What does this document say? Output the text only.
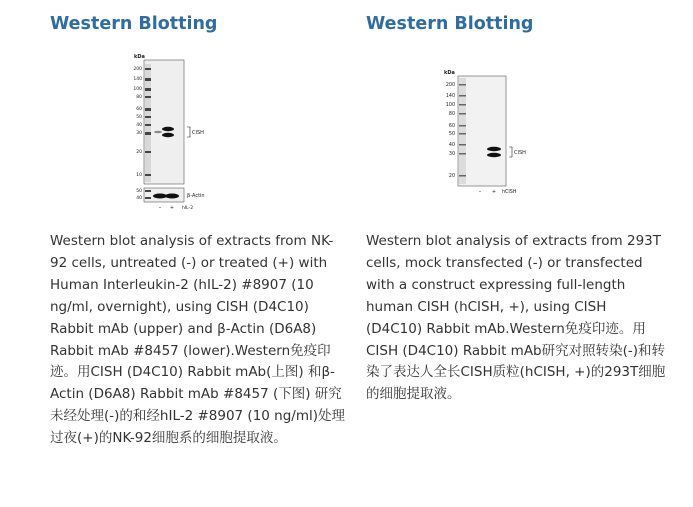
Western Blotting
kDa
200
140
100
80
60
50
40
30
20
10
CISH
50
40	β-Actin
– + hIL-2

Western blot analysis of extracts from NK-92 cells, untreated (-) or treated (+) with Human Interleukin-2 (hIL-2) #8907 (10 ng/ml, overnight), using CISH (D4C10) Rabbit mAb (upper) and β-Actin (D6A8) Rabbit mAb #8457 (lower).Western免疫印迹。用CISH (D4C10) Rabbit mAb(上图) 和β-Actin (D6A8) Rabbit mAb #8457 (下图) 研究未经处理(-)的和经hIL-2 #8907 (10 ng/ml)处理过夜(+)的NK-92细胞系的细胞提取液。

Western Blotting
kDa
200
140
100
80
60
50
40
30
20
CISH
– + hCISH

Western blot analysis of extracts from 293T cells, mock transfected (-) or transfected with a construct expressing full-length human CISH (hCISH, +), using CISH (D4C10) Rabbit mAb.Western免疫印迹。用CISH (D4C10) Rabbit mAb研究对照转染(-)和转染了表达人全长CISH质粒(hCISH, +)的293T细胞的细胞提取液。
